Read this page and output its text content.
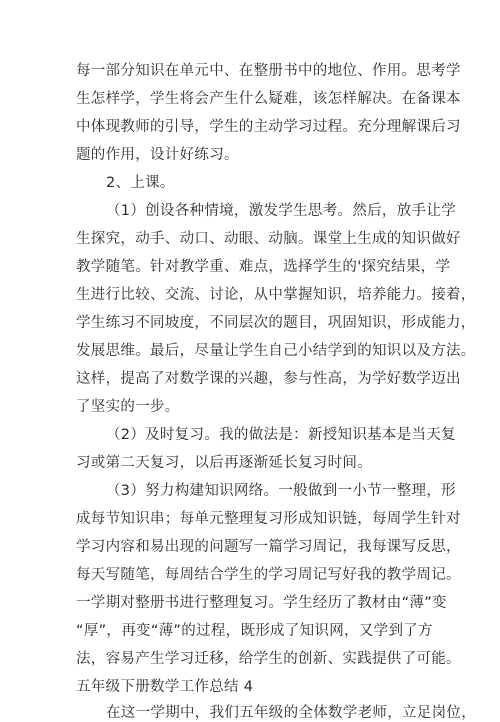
每一部分知识在单元中、在整册书中的地位、作用。思考学
生怎样学，学生将会产生什么疑难，该怎样解决。在备课本
中体现教师的引导，学生的主动学习过程。充分理解课后习
题的作用，设计好练习。
2、上课。
（1）创设各种情境，激发学生思考。然后，放手让学
生探究，动手、动口、动眼、动脑。课堂上生成的知识做好
教学随笔。针对教学重、难点，选择学生的'探究结果，学
生进行比较、交流、讨论，从中掌握知识，培养能力。接着，
学生练习不同坡度，不同层次的题目，巩固知识，形成能力，
发展思维。最后，尽量让学生自己小结学到的知识以及方法。
这样，提高了对数学课的兴趣，参与性高，为学好数学迈出
了坚实的一步。
（2）及时复习。我的做法是：新授知识基本是当天复
习或第二天复习，以后再逐渐延长复习时间。
（3）努力构建知识网络。一般做到一小节一整理，形
成每节知识串；每单元整理复习形成知识链，每周学生针对
学习内容和易出现的问题写一篇学习周记，我每课写反思，
每天写随笔，每周结合学生的学习周记写好我的教学周记。
一学期对整册书进行整理复习。学生经历了教材由“薄”变
“厚”，再变“薄”的过程，既形成了知识网，又学到了方
法，容易产生学习迁移，给学生的创新、实践提供了可能。
五年级下册数学工作总结 4
在这一学期中，我们五年级的全体数学老师，立足岗位，
